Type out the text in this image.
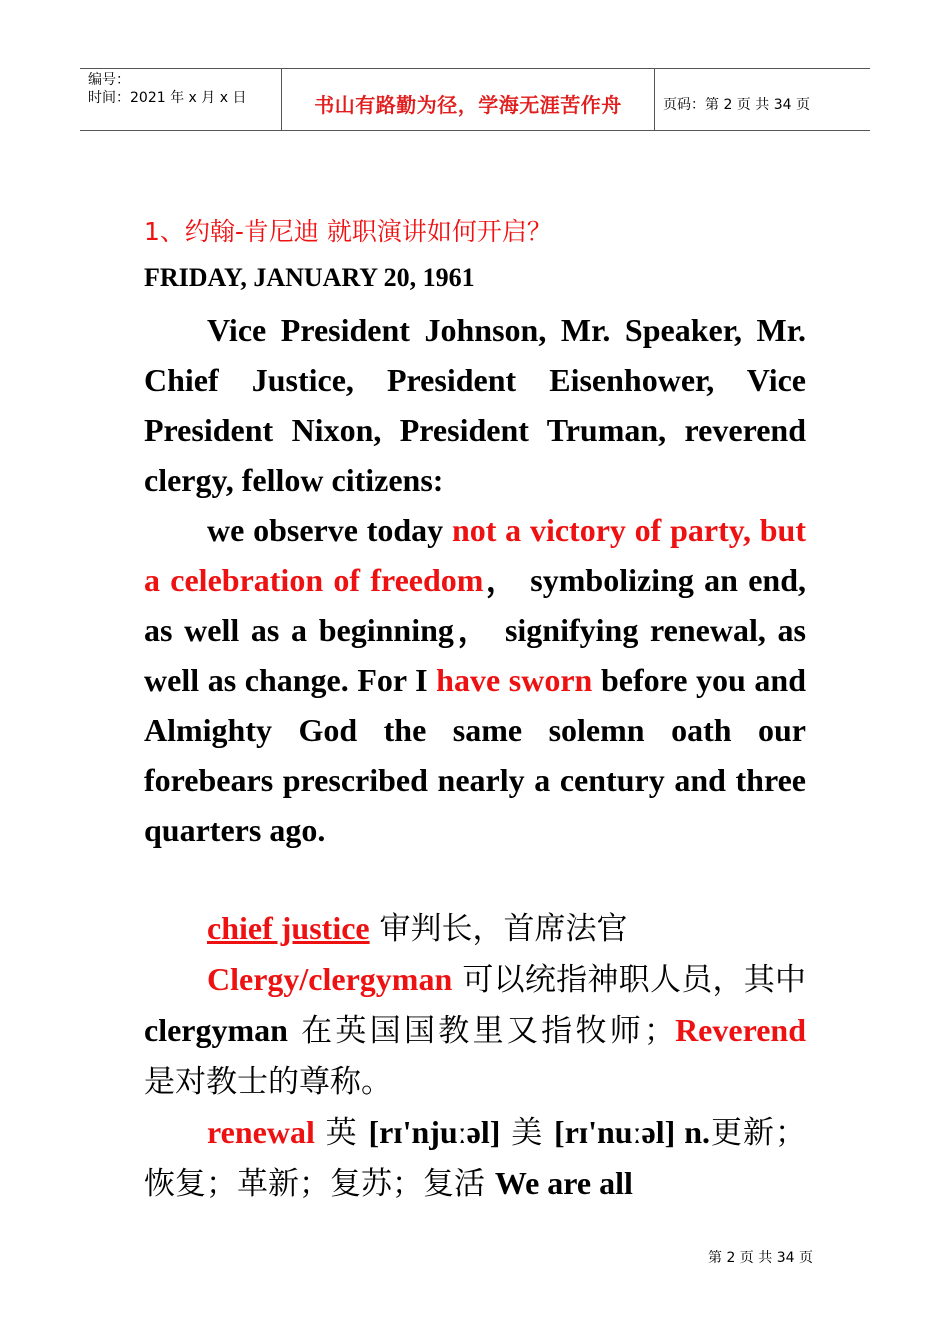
编号：
时间：2021 年 x 月 x 日	书山有路勤为径，学海无涯苦作舟	页码：第 2 页 共 34 页
1、约翰-肯尼迪 就职演讲如何开启？
FRIDAY, JANUARY 20, 1961

Vice President Johnson, Mr. Speaker, Mr. Chief Justice, President Eisenhower, Vice President Nixon, President Truman, reverend clergy, fellow citizens:

we observe today not a victory of party, but a celebration of freedom， symbolizing an end, as well as a beginning， signifying renewal, as well as change. For I have sworn before you and Almighty God the same solemn oath our forebears prescribed nearly a century and three quarters ago.

chief justice 审判长，首席法官

Clergy/clergyman 可以统指神职人员，其中 clergyman 在英国国教里又指牧师；Reverend 是对教士的尊称。

renewal 英 [rɪ'njuːəl] 美 [rɪ'nuːəl] n.更新；恢复；革新；复苏；复活 We are all

第 2 页 共 34 页
